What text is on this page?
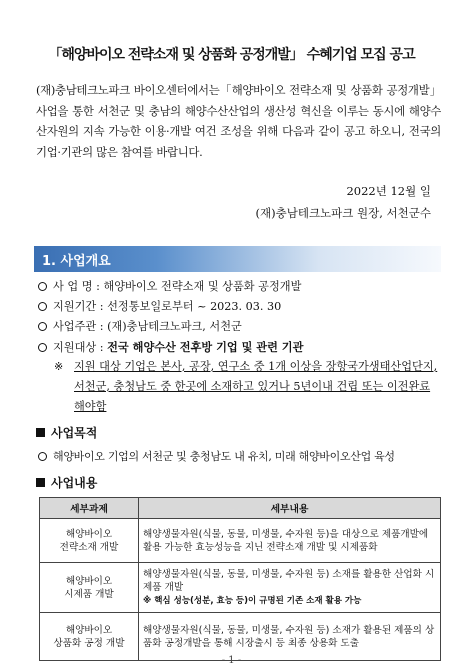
「해양바이오 전략소재 및 상품화 공정개발」 수혜기업 모집 공고
(재)충남테크노파크 바이오센터에서는「해양바이오 전략소재 및 상품화 공정개발」사업을 통한 서천군 및 충남의 해양수산산업의 생산성 혁신을 이루는 동시에 해양수산자원의 지속 가능한 이용·개발 여건 조성을 위해 다음과 같이 공고 하오니, 전국의 기업·기관의 많은 참여를 바랍니다.
2022년 12월 일
(재)충남테크노파크 원장, 서천군수
1. 사업개요
사 업 명 : 해양바이오 전략소재 및 상품화 공정개발
지원기간 : 선정통보일로부터 ~ 2023. 03. 30
사업주관 : (재)충남테크노파크, 서천군
지원대상 : 전국 해양수산 전후방 기업 및 관련 기관
※ 지원 대상 기업은 본사, 공장, 연구소 중 1개 이상을 장항국가생태산업단지, 서천군, 충청남도 중 한곳에 소재하고 있거나 5년이내 건립 또는 이전완료 해야함
사업목적
해양바이오 기업의 서천군 및 충청남도 내 유치, 미래 해양바이오산업 육성
사업내용
세부과제	세부내용
해양바이오
전략소재 개발	해양생물자원(식물, 동물, 미생물, 수자원 등)을 대상으로 제품개발에 활용 가능한 효능성능을 지닌 전략소재 개발 및 시제품화
해양바이오
시제품 개발	해양생물자원(식물, 동물, 미생물, 수자원 등) 소재를 활용한 산업화 시제품 개발
※ 핵심 성능(성분, 효능 등)이 규명된 기존 소재 활용 가능
해양바이오
상품화 공정 개발	해양생물자원(식물, 동물, 미생물, 수자원 등) 소재가 활용된 제품의 상품화 공정개발을 통해 시장출시 등 최종 상용화 도출
- 1 -
